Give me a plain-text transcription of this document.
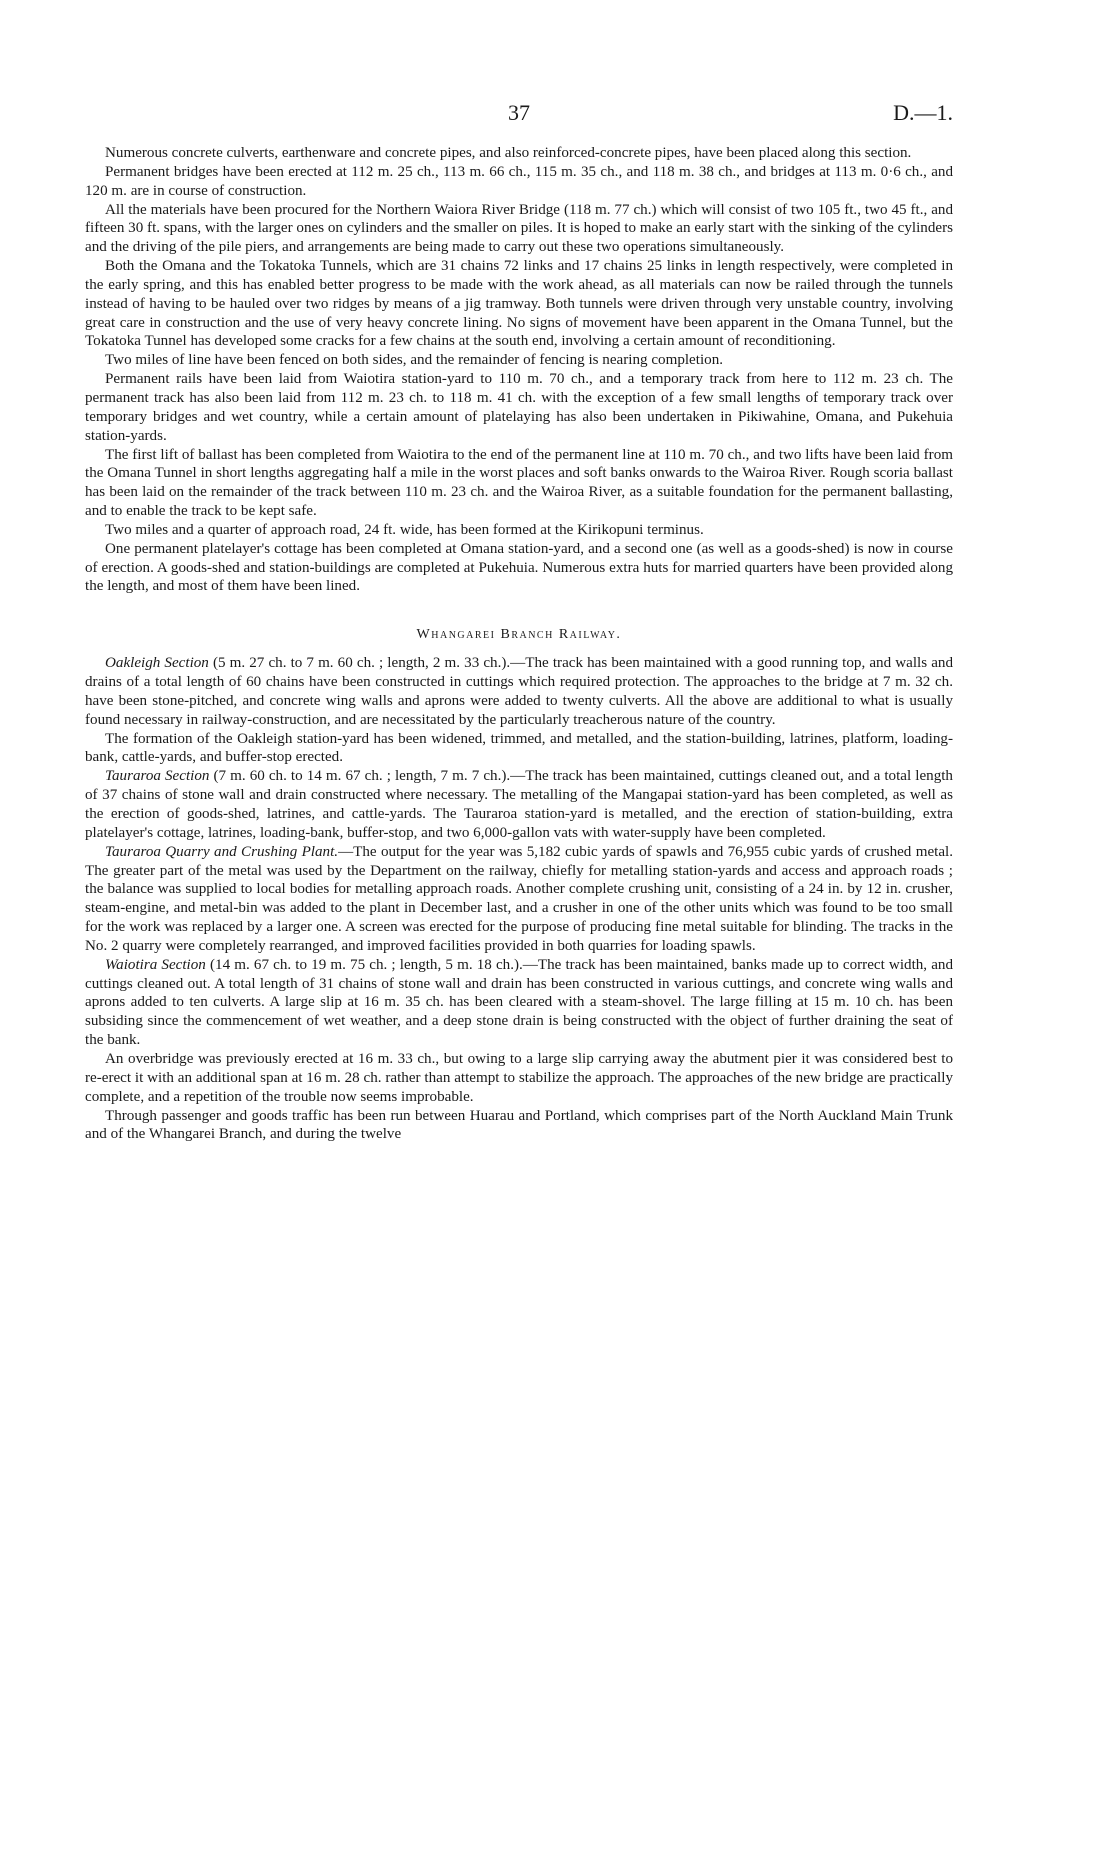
37	D.—1.

Numerous concrete culverts, earthenware and concrete pipes, and also reinforced-concrete pipes, have been placed along this section.

Permanent bridges have been erected at 112 m. 25 ch., 113 m. 66 ch., 115 m. 35 ch., and 118 m. 38 ch., and bridges at 113 m. 0·6 ch., and 120 m. are in course of construction.

All the materials have been procured for the Northern Waiora River Bridge (118 m. 77 ch.) which will consist of two 105 ft., two 45 ft., and fifteen 30 ft. spans, with the larger ones on cylinders and the smaller on piles. It is hoped to make an early start with the sinking of the cylinders and the driving of the pile piers, and arrangements are being made to carry out these two operations simultaneously.

Both the Omana and the Tokatoka Tunnels, which are 31 chains 72 links and 17 chains 25 links in length respectively, were completed in the early spring, and this has enabled better progress to be made with the work ahead, as all materials can now be railed through the tunnels instead of having to be hauled over two ridges by means of a jig tramway. Both tunnels were driven through very unstable country, involving great care in construction and the use of very heavy concrete lining. No signs of movement have been apparent in the Omana Tunnel, but the Tokatoka Tunnel has developed some cracks for a few chains at the south end, involving a certain amount of reconditioning.

Two miles of line have been fenced on both sides, and the remainder of fencing is nearing completion.

Permanent rails have been laid from Waiotira station-yard to 110 m. 70 ch., and a temporary track from here to 112 m. 23 ch. The permanent track has also been laid from 112 m. 23 ch. to 118 m. 41 ch. with the exception of a few small lengths of temporary track over temporary bridges and wet country, while a certain amount of platelaying has also been undertaken in Pikiwahine, Omana, and Pukehuia station-yards.

The first lift of ballast has been completed from Waiotira to the end of the permanent line at 110 m. 70 ch., and two lifts have been laid from the Omana Tunnel in short lengths aggregating half a mile in the worst places and soft banks onwards to the Wairoa River. Rough scoria ballast has been laid on the remainder of the track between 110 m. 23 ch. and the Wairoa River, as a suitable foundation for the permanent ballasting, and to enable the track to be kept safe.

Two miles and a quarter of approach road, 24 ft. wide, has been formed at the Kirikopuni terminus.

One permanent platelayer's cottage has been completed at Omana station-yard, and a second one (as well as a goods-shed) is now in course of erection. A goods-shed and station-buildings are completed at Pukehuia. Numerous extra huts for married quarters have been provided along the length, and most of them have been lined.

Whangarei Branch Railway.

Oakleigh Section (5 m. 27 ch. to 7 m. 60 ch. ; length, 2 m. 33 ch.).—The track has been maintained with a good running top, and walls and drains of a total length of 60 chains have been constructed in cuttings which required protection. The approaches to the bridge at 7 m. 32 ch. have been stone-pitched, and concrete wing walls and aprons were added to twenty culverts. All the above are additional to what is usually found necessary in railway-construction, and are necessitated by the particularly treacherous nature of the country.

The formation of the Oakleigh station-yard has been widened, trimmed, and metalled, and the station-building, latrines, platform, loading-bank, cattle-yards, and buffer-stop erected.

Tauraroa Section (7 m. 60 ch. to 14 m. 67 ch. ; length, 7 m. 7 ch.).—The track has been maintained, cuttings cleaned out, and a total length of 37 chains of stone wall and drain constructed where necessary. The metalling of the Mangapai station-yard has been completed, as well as the erection of goods-shed, latrines, and cattle-yards. The Tauraroa station-yard is metalled, and the erection of station-building, extra platelayer's cottage, latrines, loading-bank, buffer-stop, and two 6,000-gallon vats with water-supply have been completed.

Tauraroa Quarry and Crushing Plant.—The output for the year was 5,182 cubic yards of spawls and 76,955 cubic yards of crushed metal. The greater part of the metal was used by the Department on the railway, chiefly for metalling station-yards and access and approach roads ; the balance was supplied to local bodies for metalling approach roads. Another complete crushing unit, consisting of a 24 in. by 12 in. crusher, steam-engine, and metal-bin was added to the plant in December last, and a crusher in one of the other units which was found to be too small for the work was replaced by a larger one. A screen was erected for the purpose of producing fine metal suitable for blinding. The tracks in the No. 2 quarry were completely rearranged, and improved facilities provided in both quarries for loading spawls.

Waiotira Section (14 m. 67 ch. to 19 m. 75 ch. ; length, 5 m. 18 ch.).—The track has been maintained, banks made up to correct width, and cuttings cleaned out. A total length of 31 chains of stone wall and drain has been constructed in various cuttings, and concrete wing walls and aprons added to ten culverts. A large slip at 16 m. 35 ch. has been cleared with a steam-shovel. The large filling at 15 m. 10 ch. has been subsiding since the commencement of wet weather, and a deep stone drain is being constructed with the object of further draining the seat of the bank.

An overbridge was previously erected at 16 m. 33 ch., but owing to a large slip carrying away the abutment pier it was considered best to re-erect it with an additional span at 16 m. 28 ch. rather than attempt to stabilize the approach. The approaches of the new bridge are practically complete, and a repetition of the trouble now seems improbable.

Through passenger and goods traffic has been run between Huarau and Portland, which comprises part of the North Auckland Main Trunk and of the Whangarei Branch, and during the twelve
